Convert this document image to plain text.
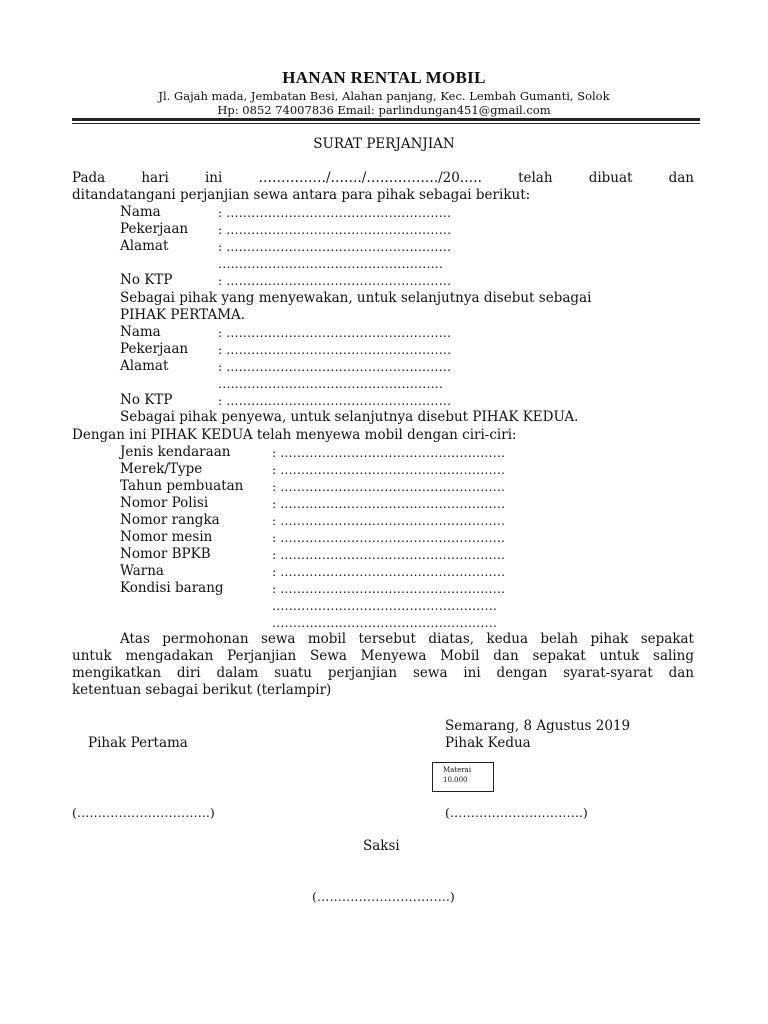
HANAN RENTAL MOBIL
Jl. Gajah mada, Jembatan Besi, Alahan panjang, Kec. Lembah Gumanti, Solok
Hp: 0852 74007836 Email: parlindungan451@gmail.com
SURAT PERJANJIAN
Pada	hari	ini	……………/……./……………./20.….	telah	dibuat	dan
ditandatangani perjanjian sewa antara para pihak sebagai berikut:
Nama	: ………………………………………………
Pekerjaan : ………………………………………………
Alamat	: ………………………………………………
………………………………………………
No KTP	: ………………………………………………
Sebagai pihak yang menyewakan, untuk selanjutnya disebut sebagai
PIHAK PERTAMA.
Nama	: ………………………………………………
Pekerjaan : ………………………………………………
Alamat	: ………………………………………………
………………………………………………
No KTP	: ………………………………………………
Sebagai pihak penyewa, untuk selanjutnya disebut PIHAK KEDUA.
Dengan ini PIHAK KEDUA telah menyewa mobil dengan ciri-ciri:
Jenis kendaraan	: ………………………………………………
Merek/Type	: ………………………………………………
Tahun pembuatan : ………………………………………………
Nomor Polisi	: ………………………………………………
Nomor rangka	: ………………………………………………
Nomor mesin	: ………………………………………………
Nomor BPKB	: ………………………………………………
Warna	: ………………………………………………
Kondisi barang	: ………………………………………………
………………………………………………
………………………………………………
Atas permohonan sewa mobil tersebut diatas, kedua belah pihak sepakat
untuk mengadakan Perjanjian Sewa Menyewa Mobil dan sepakat untuk saling
mengikatkan diri dalam suatu perjanjian sewa ini dengan syarat-syarat dan
ketentuan sebagai berikut (terlampir)
Semarang, 8 Agustus 2019
Pihak Pertama	Pihak Kedua
Materai
10.000
(…………………………..)	(…………………………..)
Saksi
(…………………………..)
